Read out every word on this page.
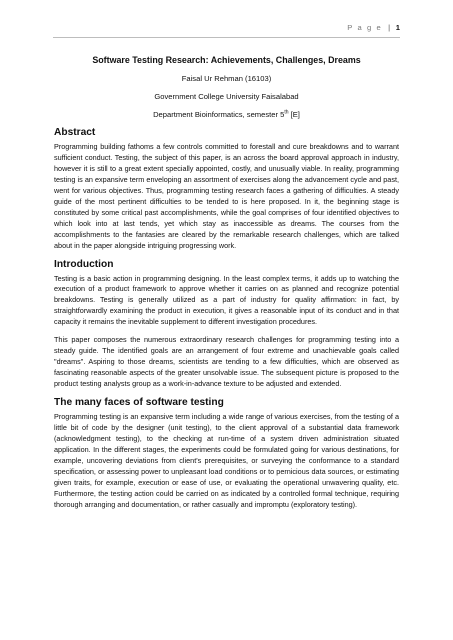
P a g e | 1
Software Testing Research: Achievements, Challenges, Dreams
Faisal Ur Rehman (16103)
Government College University Faisalabad
Department Bioinformatics, semester 5th [E]
Abstract

Programming building fathoms a few controls committed to forestall and cure breakdowns and to warrant sufficient conduct. Testing, the subject of this paper, is an across the board approval approach in industry, however it is still to a great extent specially appointed, costly, and unusually viable. In reality, programming testing is an expansive term enveloping an assortment of exercises along the advancement cycle and past, went for various objectives. Thus, programming testing research faces a gathering of difficulties. A steady guide of the most pertinent difficulties to be tended to is here proposed. In it, the beginning stage is constituted by some critical past accomplishments, while the goal comprises of four identified objectives to which look into at last tends, yet which stay as inaccessible as dreams. The courses from the accomplishments to the fantasies are cleared by the remarkable research challenges, which are talked about in the paper alongside intriguing progressing work.

Introduction

Testing is a basic action in programming designing. In the least complex terms, it adds up to watching the execution of a product framework to approve whether it carries on as planned and recognize potential breakdowns. Testing is generally utilized as a part of industry for quality affirmation: in fact, by straightforwardly examining the product in execution, it gives a reasonable input of its conduct and in that capacity it remains the inevitable supplement to different investigation procedures.

This paper composes the numerous extraordinary research challenges for programming testing into a steady guide. The identified goals are an arrangement of four extreme and unachievable goals called "dreams". Aspiring to those dreams, scientists are tending to a few difficulties, which are observed as fascinating reasonable aspects of the greater unsolvable issue. The subsequent picture is proposed to the product testing analysts group as a work-in-advance texture to be adjusted and extended.

The many faces of software testing

Programming testing is an expansive term including a wide range of various exercises, from the testing of a little bit of code by the designer (unit testing), to the client approval of a substantial data framework (acknowledgment testing), to the checking at run-time of a system driven administration situated application. In the different stages, the experiments could be formulated going for various destinations, for example, uncovering deviations from client's prerequisites, or surveying the conformance to a standard specification, or assessing power to unpleasant load conditions or to pernicious data sources, or estimating given traits, for example, execution or ease of use, or evaluating the operational unwavering quality, etc. Furthermore, the testing action could be carried on as indicated by a controlled formal technique, requiring thorough arranging and documentation, or rather casually and impromptu (exploratory testing).
